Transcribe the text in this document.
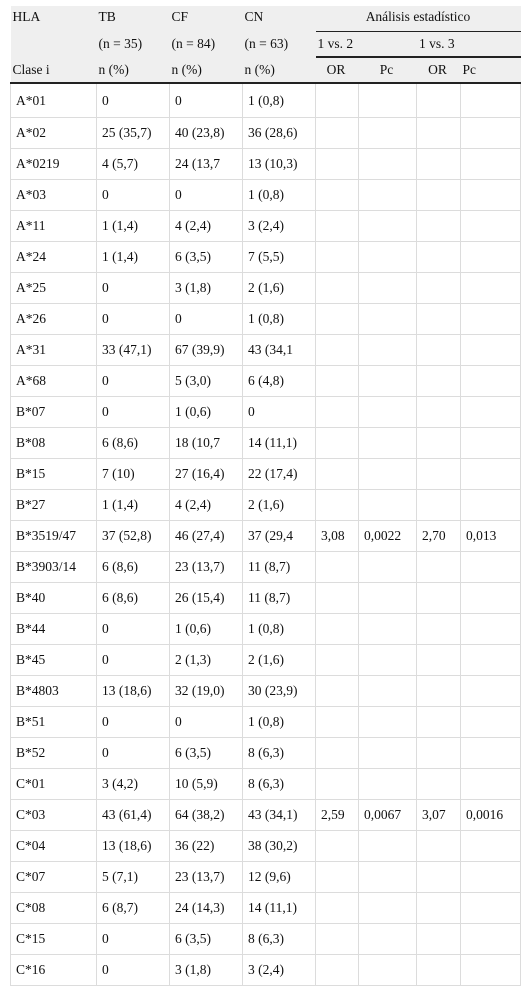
HLA	TB	CF	CN	Análisis estadístico			
	(n = 35)	(n = 84)	(n = 63)	1 vs. 2		1 vs. 3	
Clase i	n (%)	n (%)	n (%)	OR	Pc	OR	Pc
A*01	0	0	1 (0,8)				
A*02	25 (35,7)	40 (23,8)	36 (28,6)				
A*0219	4 (5,7)	24 (13,7	13 (10,3)				
A*03	0	0	1 (0,8)				
A*11	1 (1,4)	4 (2,4)	3 (2,4)				
A*24	1 (1,4)	6 (3,5)	7 (5,5)				
A*25	0	3 (1,8)	2 (1,6)				
A*26	0	0	1 (0,8)				
A*31	33 (47,1)	67 (39,9)	43 (34,1				
A*68	0	5 (3,0)	6 (4,8)				
B*07	0	1 (0,6)	0				
B*08	6 (8,6)	18 (10,7	14 (11,1)				
B*15	7 (10)	27 (16,4)	22 (17,4)				
B*27	1 (1,4)	4 (2,4)	2 (1,6)				
B*3519/47	37 (52,8)	46 (27,4)	37 (29,4	3,08	0,0022	2,70	0,013
B*3903/14	6 (8,6)	23 (13,7)	11 (8,7)				
B*40	6 (8,6)	26 (15,4)	11 (8,7)				
B*44	0	1 (0,6)	1 (0,8)				
B*45	0	2 (1,3)	2 (1,6)				
B*4803	13 (18,6)	32 (19,0)	30 (23,9)				
B*51	0	0	1 (0,8)				
B*52	0	6 (3,5)	8 (6,3)				
C*01	3 (4,2)	10 (5,9)	8 (6,3)				
C*03	43 (61,4)	64 (38,2)	43 (34,1)	2,59	0,0067	3,07	0,0016
C*04	13 (18,6)	36 (22)	38 (30,2)				
C*07	5 (7,1)	23 (13,7)	12 (9,6)				
C*08	6 (8,7)	24 (14,3)	14 (11,1)				
C*15	0	6 (3,5)	8 (6,3)				
C*16	0	3 (1,8)	3 (2,4)				
